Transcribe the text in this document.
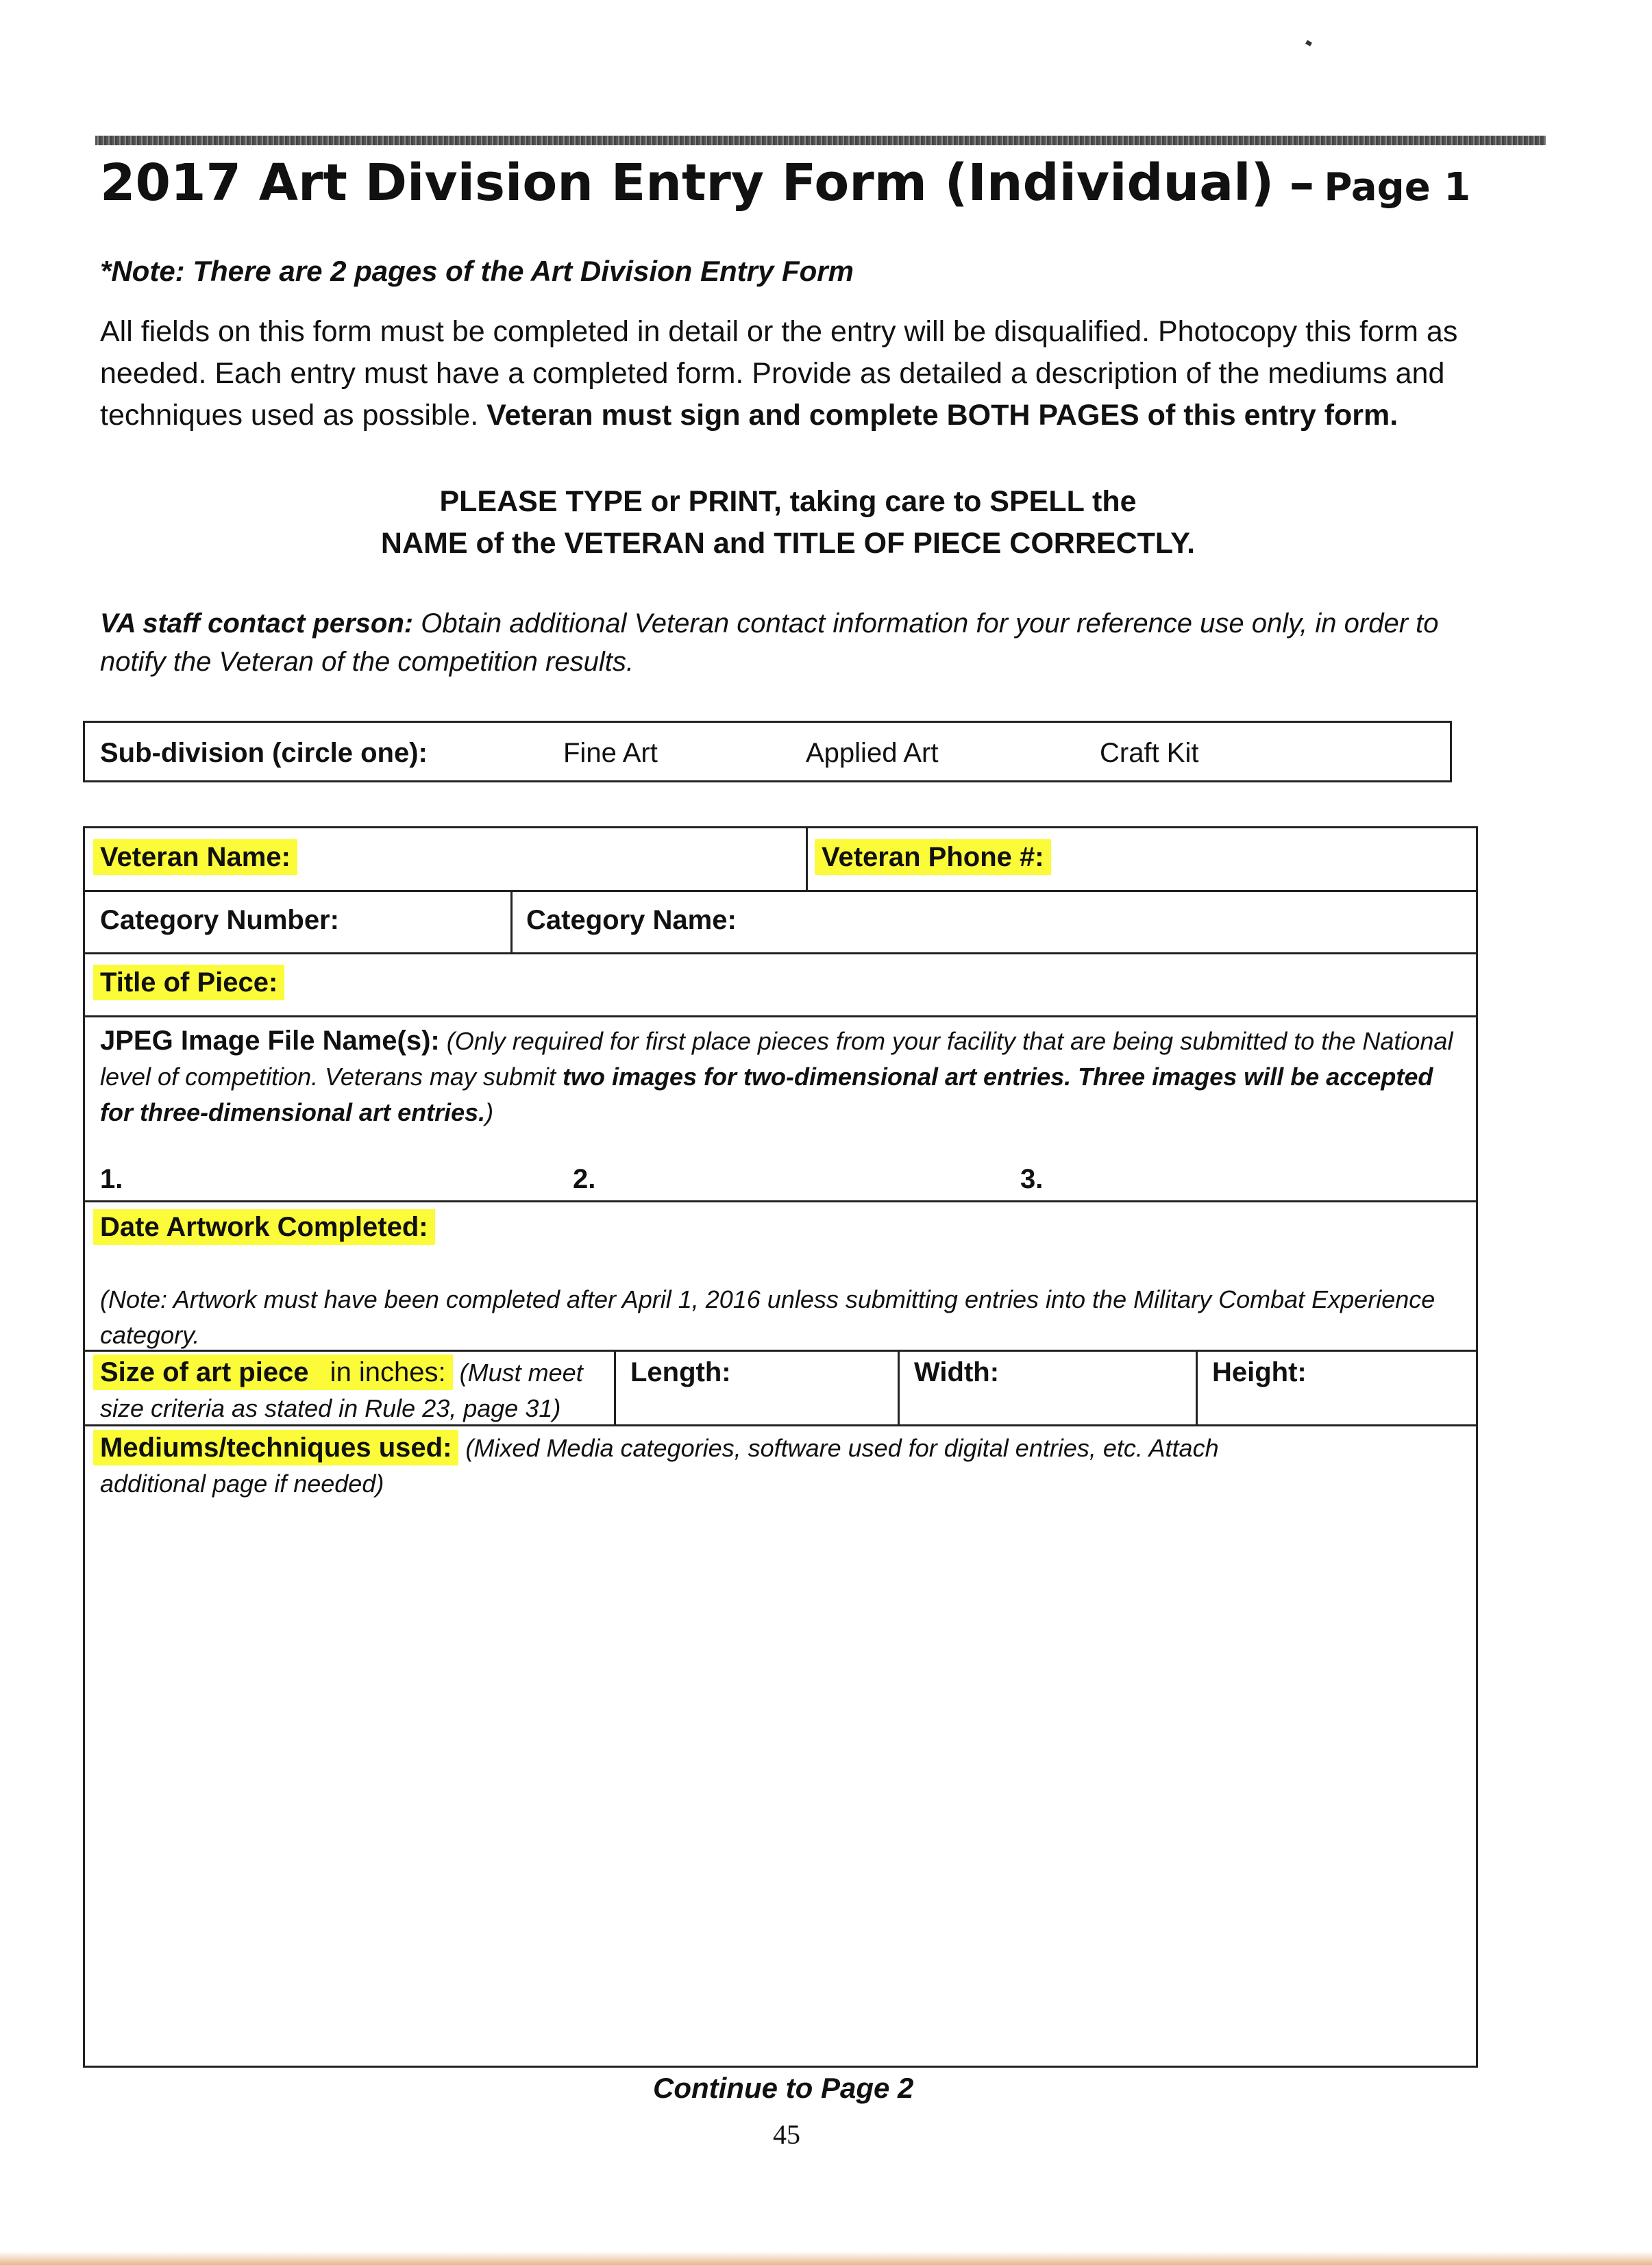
2017 Art Division Entry Form (Individual) – Page 1
*Note: There are 2 pages of the Art Division Entry Form
All fields on this form must be completed in detail or the entry will be disqualified. Photocopy this form as needed. Each entry must have a completed form. Provide as detailed a description of the mediums and techniques used as possible. Veteran must sign and complete BOTH PAGES of this entry form.
PLEASE TYPE or PRINT, taking care to SPELL the
NAME of the VETERAN and TITLE OF PIECE CORRECTLY.
VA staff contact person: Obtain additional Veteran contact information for your reference use only, in order to notify the Veteran of the competition results.
Sub-division (circle one):	Fine Art	Applied Art	Craft Kit
Veteran Name:	Veteran Phone #:
Category Number:	Category Name:
Title of Piece:
JPEG Image File Name(s): (Only required for first place pieces from your facility that are being submitted to the National level of competition. Veterans may submit two images for two-dimensional art entries. Three images will be accepted for three-dimensional art entries.)
1.	2.	3.
Date Artwork Completed:
(Note: Artwork must have been completed after April 1, 2016 unless submitting entries into the Military Combat Experience category.
Size of art piece in inches: (Must meet size criteria as stated in Rule 23, page 31)
Length:	Width:	Height:
Mediums/techniques used: (Mixed Media categories, software used for digital entries, etc. Attach additional page if needed)
Continue to Page 2
45
